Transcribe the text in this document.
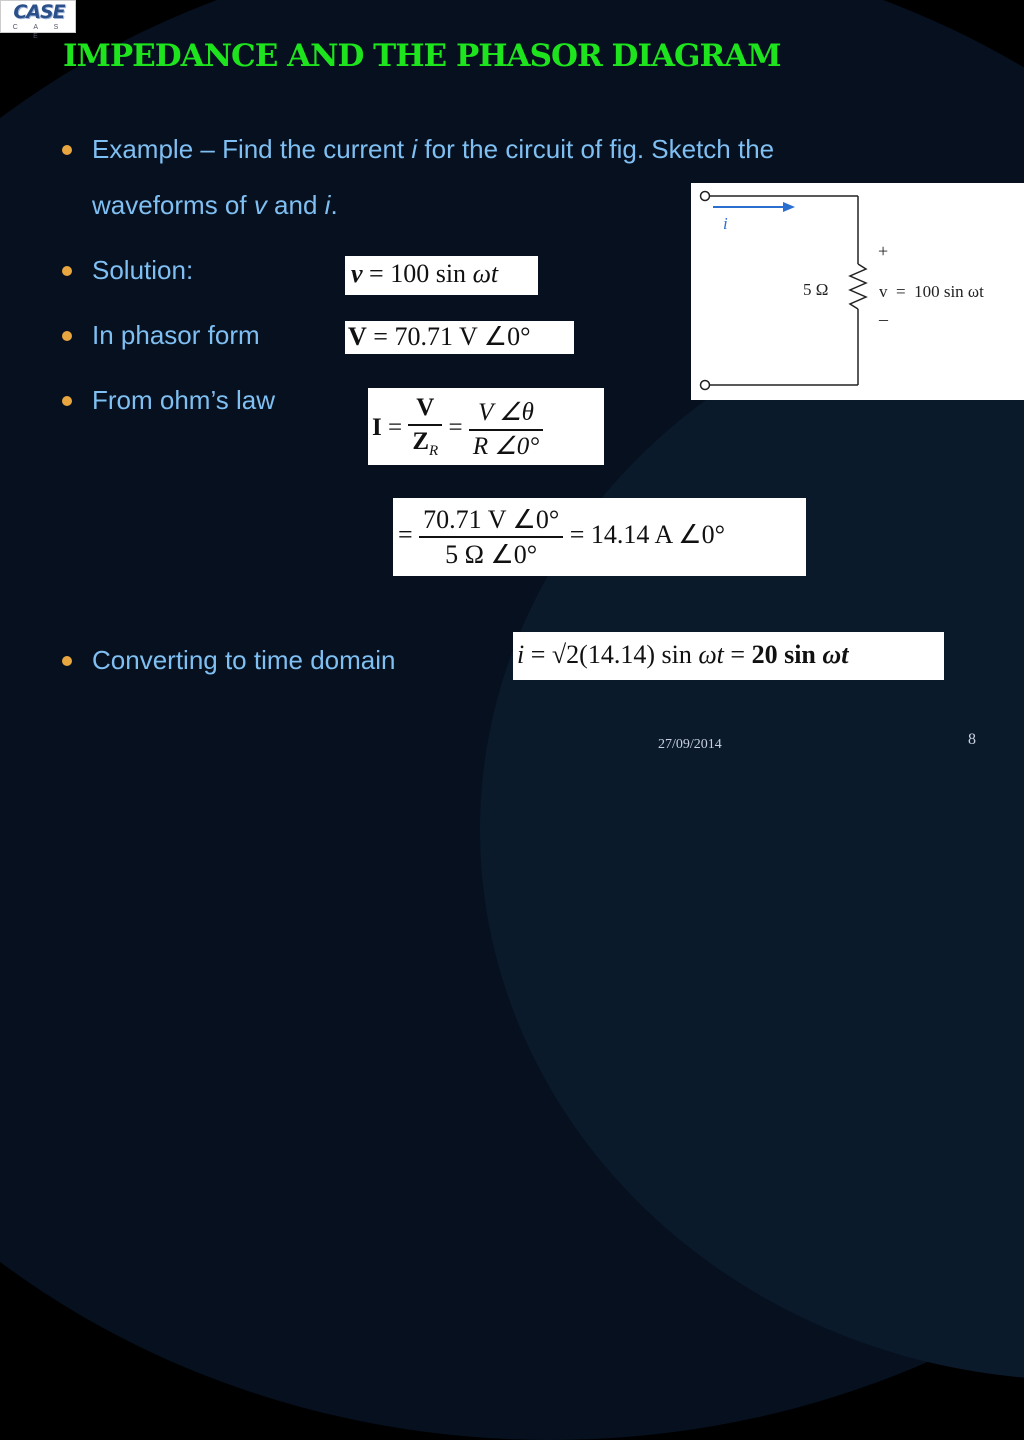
CASE
C A S E
IMPEDANCE AND THE PHASOR DIAGRAM
Example – Find the current i for the circuit of fig. Sketch the
waveforms of v and i.
Solution:
In phasor form
From ohm’s law
Converting to time domain
v = 100 sin ωt
V = 70.71 V ∠0°
$I = \frac{V}{Z_R} = \frac{V \angle\theta}{R \angle 0^\circ}$
= $\frac{70.71 V \angle 0^\circ}{5 \Omega \angle 0^\circ} = 14.14$ A ∠0°
i = √2(14.14) sin ωt = 20 sin ωt
i
5 Ω
+
–
v  =  100 sin ωt
27/09/2014	8
